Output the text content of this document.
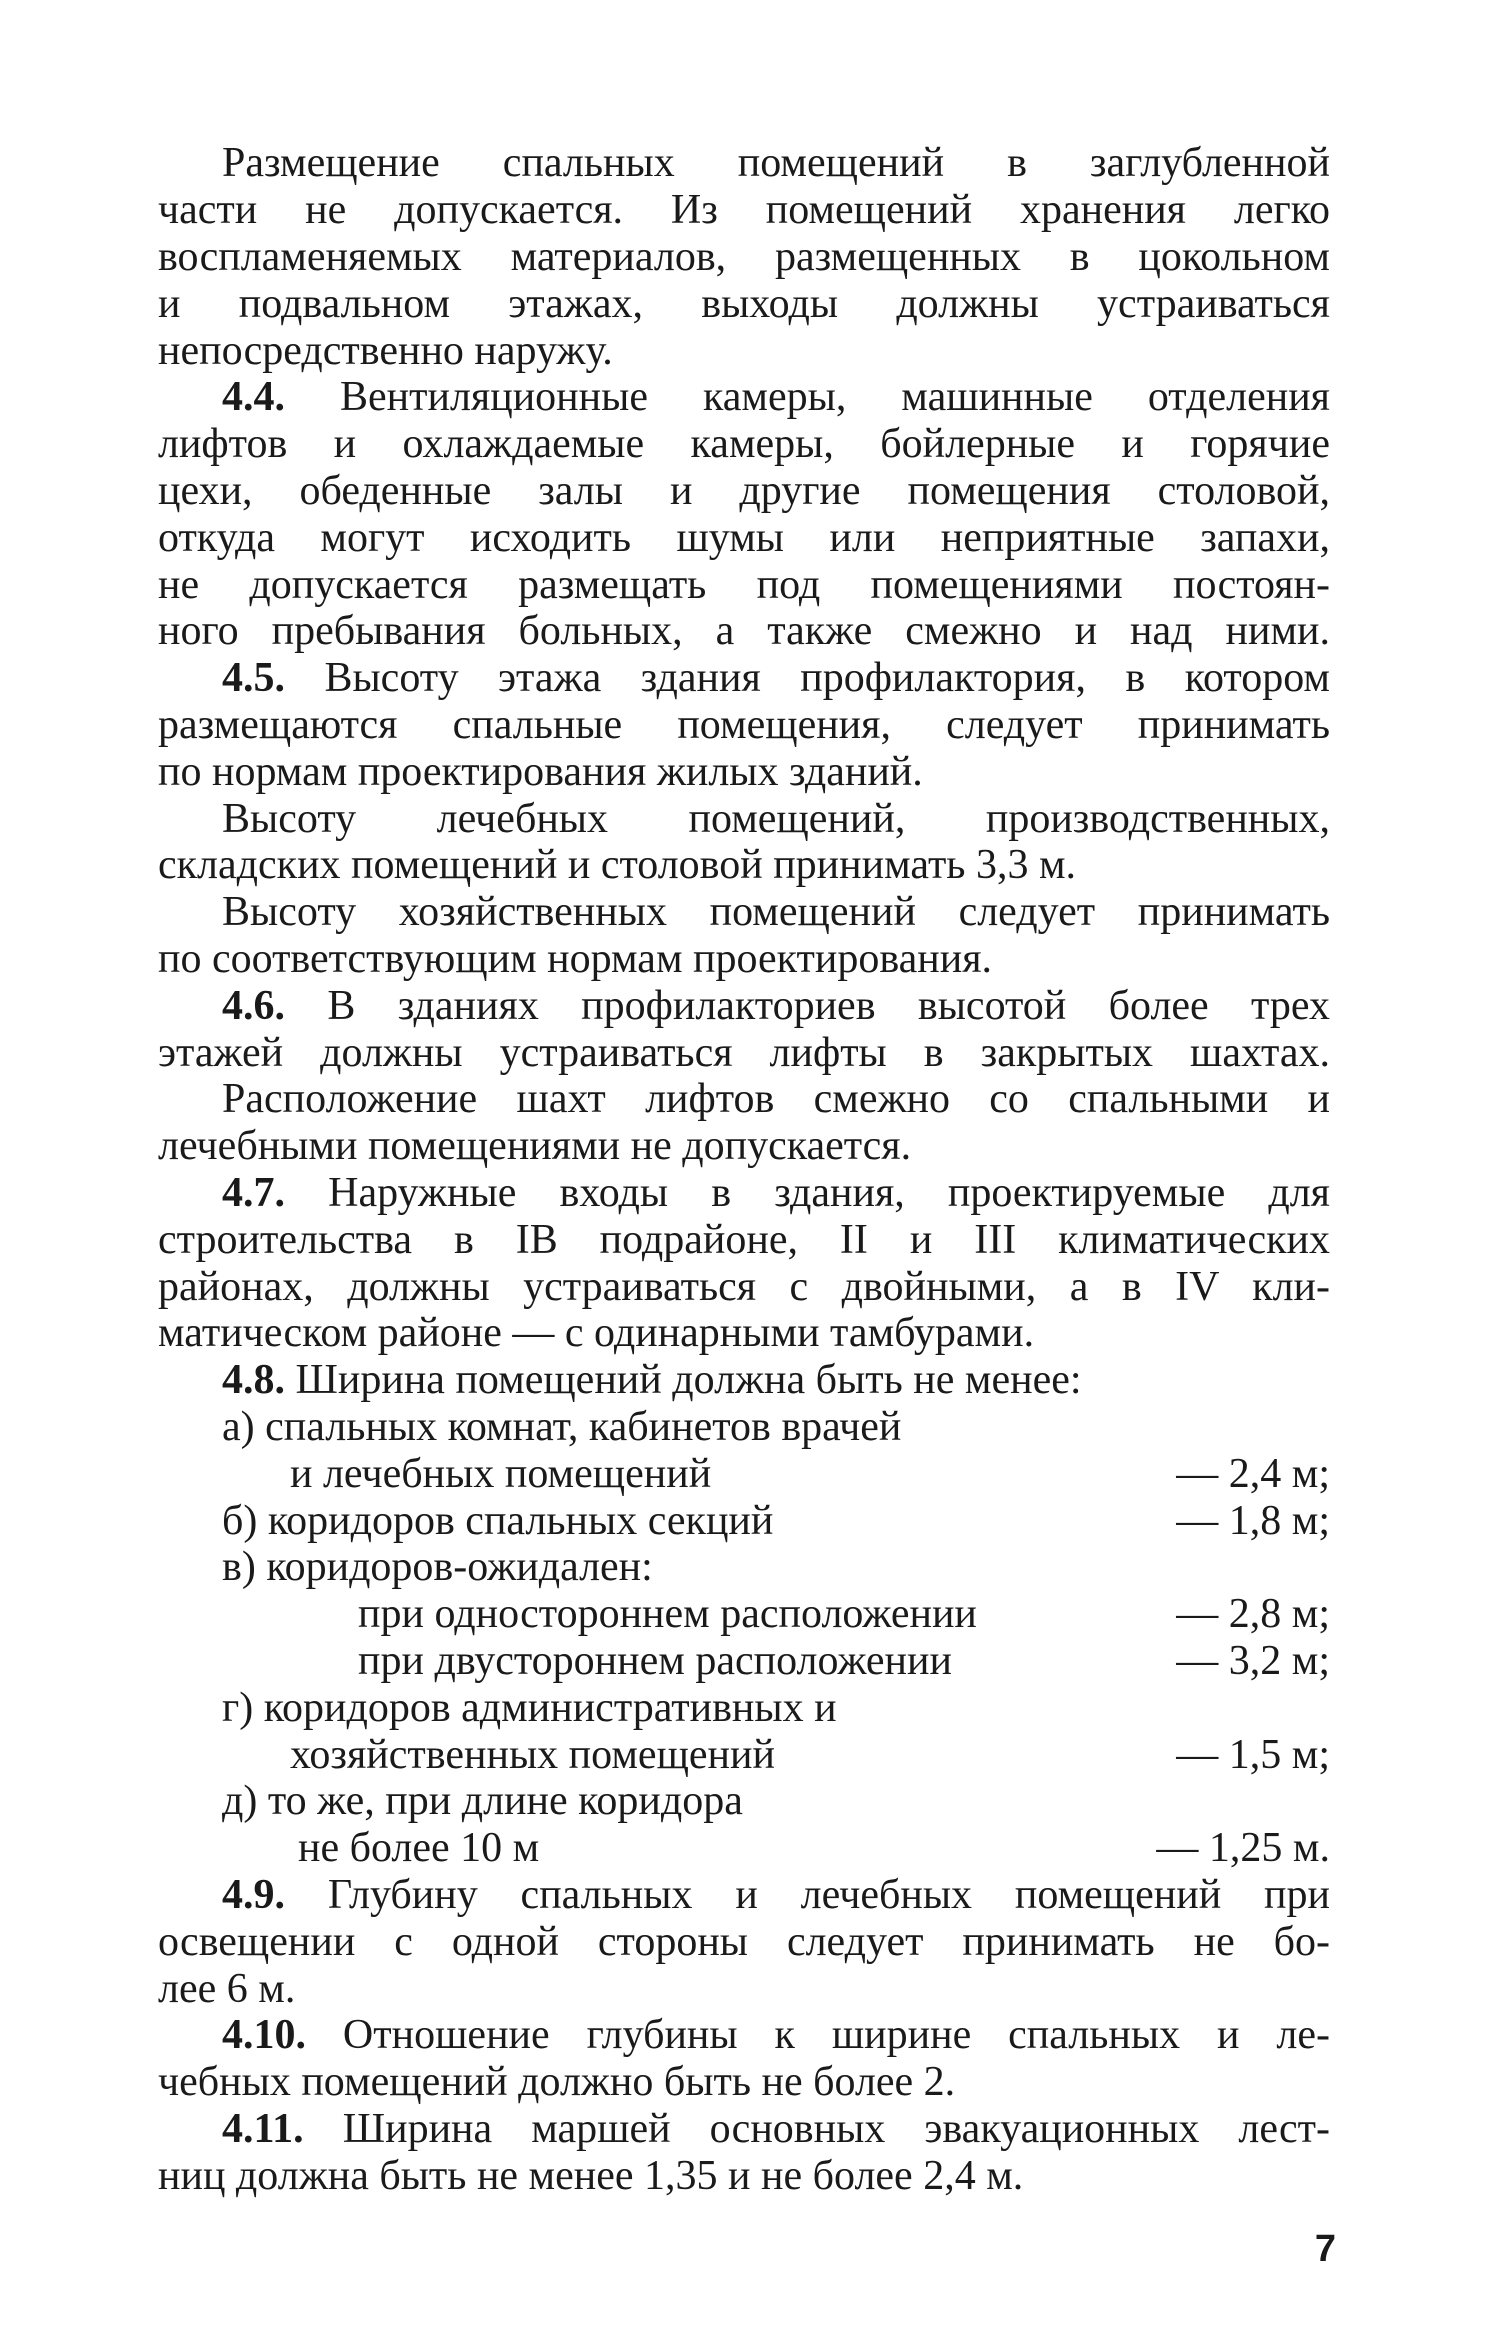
Размещение спальных помещений в заглубленной
части не допускается. Из помещений хранения легко
воспламеняемых материалов, размещенных в цокольном
и подвальном этажах, выходы должны устраиваться
непосредственно наружу.
4.4. Вентиляционные камеры, машинные отделения
лифтов и охлаждаемые камеры, бойлерные и горячие
цехи, обеденные залы и другие помещения столовой,
откуда могут исходить шумы или неприятные запахи,
не допускается размещать под помещениями постоян-
ного пребывания больных, а также смежно и над ними.
4.5. Высоту этажа здания профилактория, в котором
размещаются спальные помещения, следует принимать
по нормам проектирования жилых зданий.
Высоту лечебных помещений, производственных,
складских помещений и столовой принимать 3,3 м.
Высоту хозяйственных помещений следует принимать
по соответствующим нормам проектирования.
4.6. В зданиях профилакториев высотой более трех
этажей должны устраиваться лифты в закрытых шахтах.
Расположение шахт лифтов смежно со спальными и
лечебными помещениями не допускается.
4.7. Наружные входы в здания, проектируемые для
строительства в IB подрайоне, II и III климатических
районах, должны устраиваться с двойными, а в IV кли-
матическом районе — с одинарными тамбурами.
4.8. Ширина помещений должна быть не менее:
а) спальных комнат, кабинетов врачей
и лечебных помещений	— 2,4 м;
б) коридоров спальных секций	— 1,8 м;
в) коридоров-ожидален:
при одностороннем расположении	— 2,8 м;
при двустороннем расположении	— 3,2 м;
г) коридоров административных и
хозяйственных помещений	— 1,5 м;
д) то же, при длине коридора
не более 10 м	— 1,25 м.
4.9. Глубину спальных и лечебных помещений при
освещении с одной стороны следует принимать не бо-
лее 6 м.
4.10. Отношение глубины к ширине спальных и ле-
чебных помещений должно быть не более 2.
4.11. Ширина маршей основных эвакуационных лест-
ниц должна быть не менее 1,35 и не более 2,4 м.
7
